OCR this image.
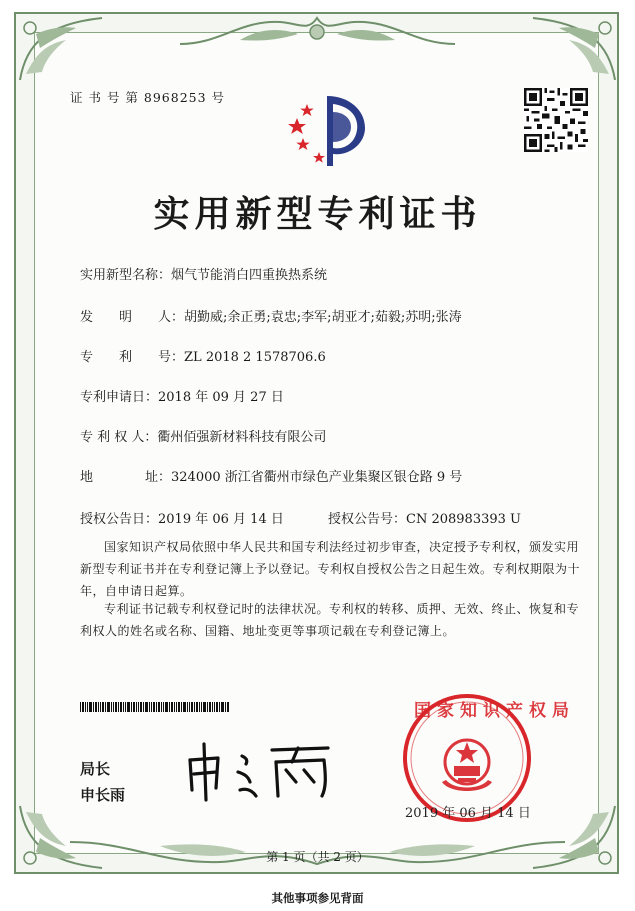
证 书 号 第 8968253 号
实用新型专利证书
实用新型名称：烟气节能消白四重换热系统
发　　明　　人：胡勤威;余正勇;袁忠;李军;胡亚才;茹毅;苏明;张涛
专　　利　　号：ZL 2018 2 1578706.6
专利申请日：2018 年 09 月 27 日
专 利 权 人：衢州佰强新材料科技有限公司
地　　　　址：324000 浙江省衢州市绿色产业集聚区银仓路 9 号
授权公告日：2019 年 06 月 14 日	授权公告号：CN 208983393 U
国家知识产权局依照中华人民共和国专利法经过初步审查，决定授予专利权，颁发实用新型专利证书并在专利登记簿上予以登记。专利权自授权公告之日起生效。专利权期限为十年，自申请日起算。
专利证书记载专利权登记时的法律状况。专利权的转移、质押、无效、终止、恢复和专利权人的姓名或名称、国籍、地址变更等事项记载在专利登记簿上。
局长
申长雨
国家知识产权局
2019 年 06 月 14 日
第 1 页（共 2 页）
其他事项参见背面
